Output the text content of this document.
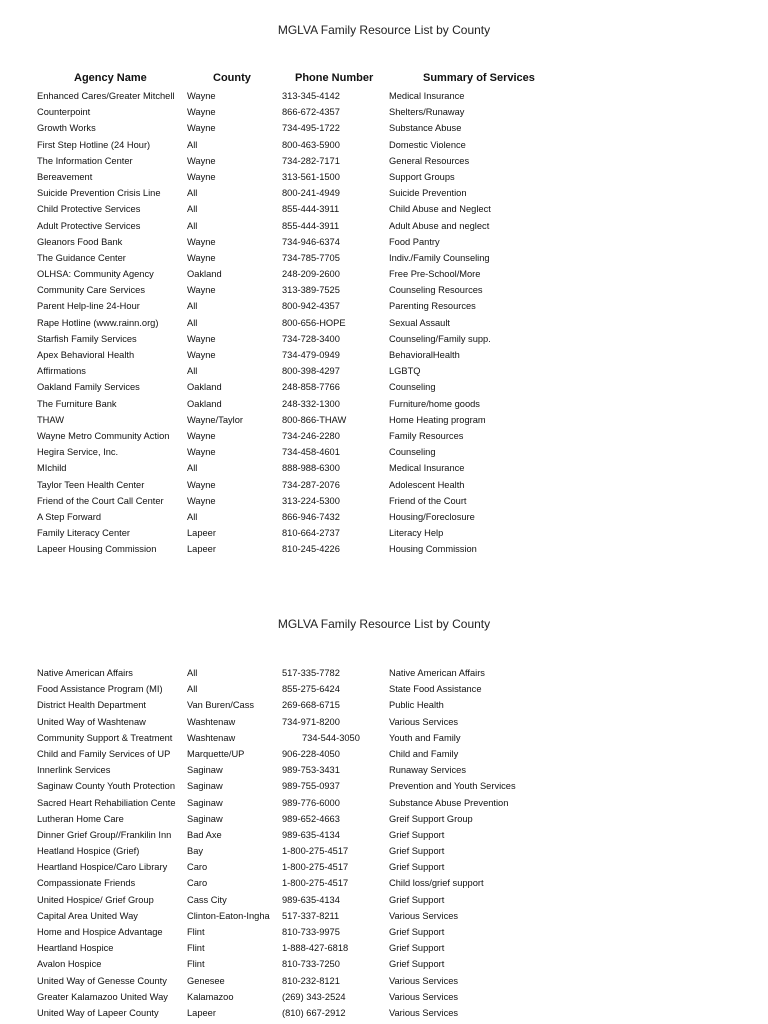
MGLVA Family Resource List by County
Agency Name	County	Phone Number	Summary of Services
Enhanced Cares/Greater Mitchell	Wayne	313-345-4142	Medical Insurance
Counterpoint	Wayne	866-672-4357	Shelters/Runaway
Growth Works	Wayne	734-495-1722	Substance Abuse
First Step Hotline (24 Hour)	All	800-463-5900	Domestic Violence
The Information Center	Wayne	734-282-7171	General Resources
Bereavement	Wayne	313-561-1500	Support Groups
Suicide Prevention Crisis Line	All	800-241-4949	Suicide Prevention
Child Protective Services	All	855-444-3911	Child Abuse and Neglect
Adult Protective Services	All	855-444-3911	Adult Abuse and neglect
Gleanors Food Bank	Wayne	734-946-6374	Food Pantry
The Guidance Center	Wayne	734-785-7705	Indiv./Family Counseling
OLHSA: Community Agency	Oakland	248-209-2600	Free Pre-School/More
Community Care Services	Wayne	313-389-7525	Counseling Resources
Parent Help-line 24-Hour	All	800-942-4357	Parenting Resources
Rape Hotline (www.rainn.org)	All	800-656-HOPE	Sexual Assault
Starfish Family Services	Wayne	734-728-3400	Counseling/Family supp.
Apex Behavioral Health	Wayne	734-479-0949	BehavioralHealth
Affirmations	All	800-398-4297	LGBTQ
Oakland Family Services	Oakland	248-858-7766	Counseling
The Furniture Bank	Oakland	248-332-1300	Furniture/home goods
THAW	Wayne/Taylor	800-866-THAW	Home Heating program
Wayne Metro Community Action	Wayne	734-246-2280	Family Resources
Hegira Service, Inc.	Wayne	734-458-4601	Counseling
MIchild	All	888-988-6300	Medical Insurance
Taylor Teen Health Center	Wayne	734-287-2076	Adolescent Health
Friend of the Court Call Center	Wayne	313-224-5300	Friend of the Court
A Step Forward	All	866-946-7432	Housing/Foreclosure
Family Literacy Center	Lapeer	810-664-2737	Literacy Help
Lapeer Housing Commission	Lapeer	810-245-4226	Housing Commission
MGLVA Family Resource List by County
Native American Affairs	All	517-335-7782	Native American Affairs
Food Assistance Program (MI)	All	855-275-6424	State Food Assistance
District Health Department	Van Buren/Cass	269-668-6715	Public Health
United Way of Washtenaw	Washtenaw	734-971-8200	Various Services
Community Support & Treatment	Washtenaw	734-544-3050	Youth and Family
Child and Family Services of UP	Marquette/UP	906-228-4050	Child and Family
Innerlink Services	Saginaw	989-753-3431	Runaway Services
Saginaw County Youth Protection	Saginaw	989-755-0937	Prevention and Youth Services
Sacred Heart Rehabiliation Cente	Saginaw	989-776-6000	Substance Abuse Prevention
Lutheran Home Care	Saginaw	989-652-4663	Greif Support Group
Dinner Grief Group//Frankilin Inn	Bad Axe	989-635-4134	Grief Support
Heatland Hospice (Grief)	Bay	1-800-275-4517	Grief Support
Heartland Hospice/Caro Library	Caro	1-800-275-4517	Grief Support
Compassionate Friends	Caro	1-800-275-4517	Child loss/grief support
United Hospice/ Grief Group	Cass City	989-635-4134	Grief Support
Capital Area United Way	Clinton-Eaton-Ingha	517-337-8211	Various Services
Home and Hospice Advantage	Flint	810-733-9975	Grief Support
Heartland Hospice	Flint	1-888-427-6818	Grief Support
Avalon Hospice	Flint	810-733-7250	Grief Support
United Way of Genesse County	Genesee	810-232-8121	Various Services
Greater Kalamazoo United Way	Kalamazoo	(269) 343-2524	Various Services
United Way of Lapeer County	Lapeer	(810) 667-2912	Various Services
